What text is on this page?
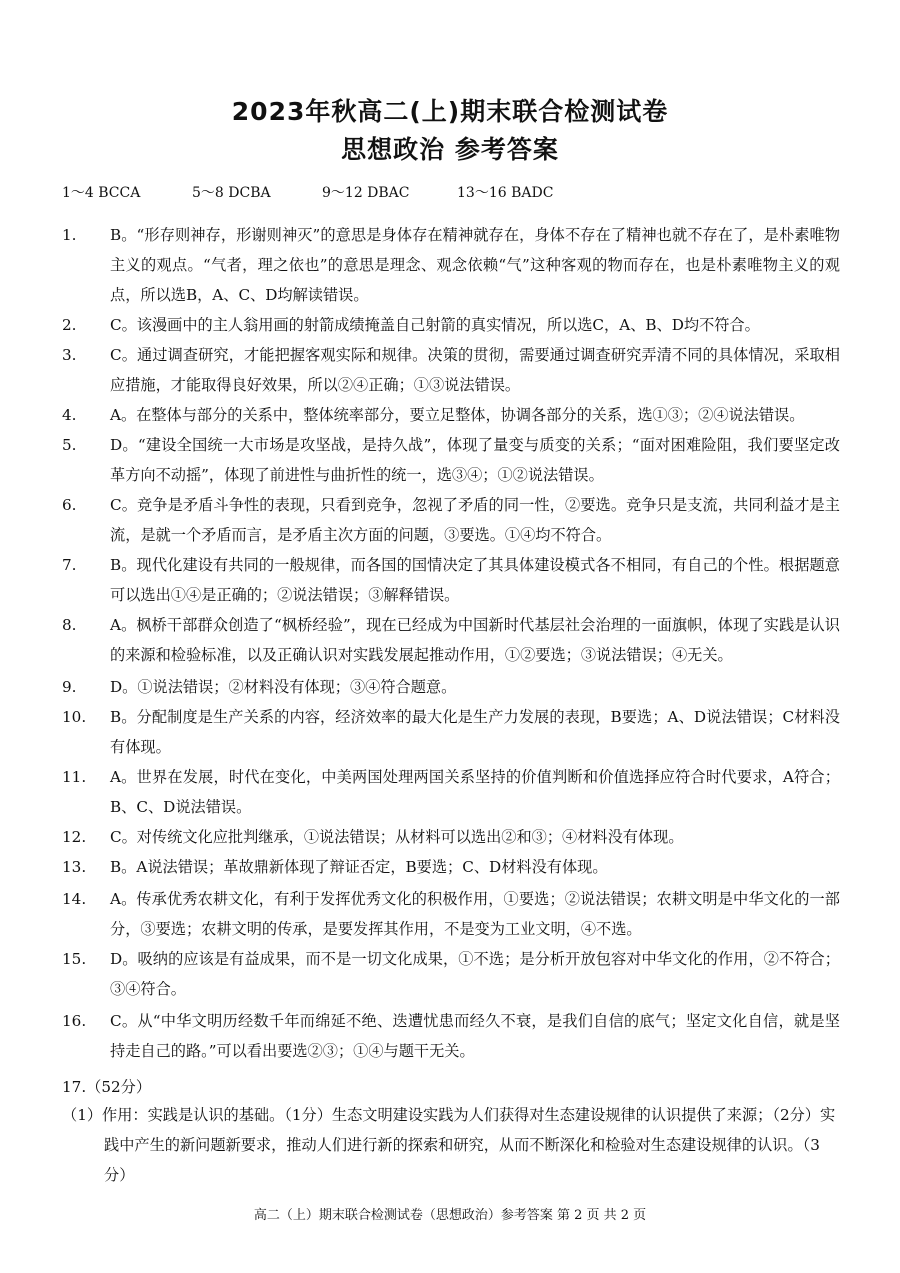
2023年秋高二(上)期末联合检测试卷
思想政治 参考答案
1～4 BCCA	5～8 DCBA	9～12 DBAC	13～16 BADC
1. B。“形存则神存，形谢则神灭”的意思是身体存在精神就存在，身体不存在了精神也就不存在了，是朴素唯物主义的观点。“气者，理之依也”的意思是理念、观念依赖“气”这种客观的物而存在，也是朴素唯物主义的观点，所以选B，A、C、D均解读错误。
2. C。该漫画中的主人翁用画的射箭成绩掩盖自己射箭的真实情况，所以选C，A、B、D均不符合。
3. C。通过调查研究，才能把握客观实际和规律。决策的贯彻，需要通过调查研究弄清不同的具体情况，采取相应措施，才能取得良好效果，所以②④正确；①③说法错误。
4. A。在整体与部分的关系中，整体统率部分，要立足整体，协调各部分的关系，选①③；②④说法错误。
5. D。“建设全国统一大市场是攻坚战，是持久战”，体现了量变与质变的关系；“面对困难险阻，我们要坚定改革方向不动摇”，体现了前进性与曲折性的统一，选③④；①②说法错误。
6. C。竞争是矛盾斗争性的表现，只看到竞争，忽视了矛盾的同一性，②要选。竞争只是支流，共同利益才是主流，是就一个矛盾而言，是矛盾主次方面的问题，③要选。①④均不符合。
7. B。现代化建设有共同的一般规律，而各国的国情决定了其具体建设模式各不相同，有自己的个性。根据题意可以选出①④是正确的；②说法错误；③解释错误。
8. A。枫桥干部群众创造了“枫桥经验”，现在已经成为中国新时代基层社会治理的一面旗帜，体现了实践是认识的来源和检验标准，以及正确认识对实践发展起推动作用，①②要选；③说法错误；④无关。
9. D。①说法错误；②材料没有体现；③④符合题意。
10. B。分配制度是生产关系的内容，经济效率的最大化是生产力发展的表现，B要选；A、D说法错误；C材料没有体现。
11. A。世界在发展，时代在变化，中美两国处理两国关系坚持的价值判断和价值选择应符合时代要求，A符合；B、C、D说法错误。
12. C。对传统文化应批判继承，①说法错误；从材料可以选出②和③；④材料没有体现。
13. B。A说法错误；革故鼎新体现了辩证否定，B要选；C、D材料没有体现。
14. A。传承优秀农耕文化，有利于发挥优秀文化的积极作用，①要选；②说法错误；农耕文明是中华文化的一部分，③要选；农耕文明的传承，是要发挥其作用，不是变为工业文明，④不选。
15. D。吸纳的应该是有益成果，而不是一切文化成果，①不选；是分析开放包容对中华文化的作用，②不符合；③④符合。
16. C。从“中华文明历经数千年而绵延不绝、迭遭忧患而经久不衰，是我们自信的底气；坚定文化自信，就是坚持走自己的路。”可以看出要选②③；①④与题干无关。
17.（52分）
（1）作用：实践是认识的基础。（1分）生态文明建设实践为人们获得对生态建设规律的认识提供了来源；（2分）实践中产生的新问题新要求，推动人们进行新的探索和研究，从而不断深化和检验对生态建设规律的认识。（3分）
高二（上）期末联合检测试卷（思想政治）参考答案 第 2 页 共 2 页
